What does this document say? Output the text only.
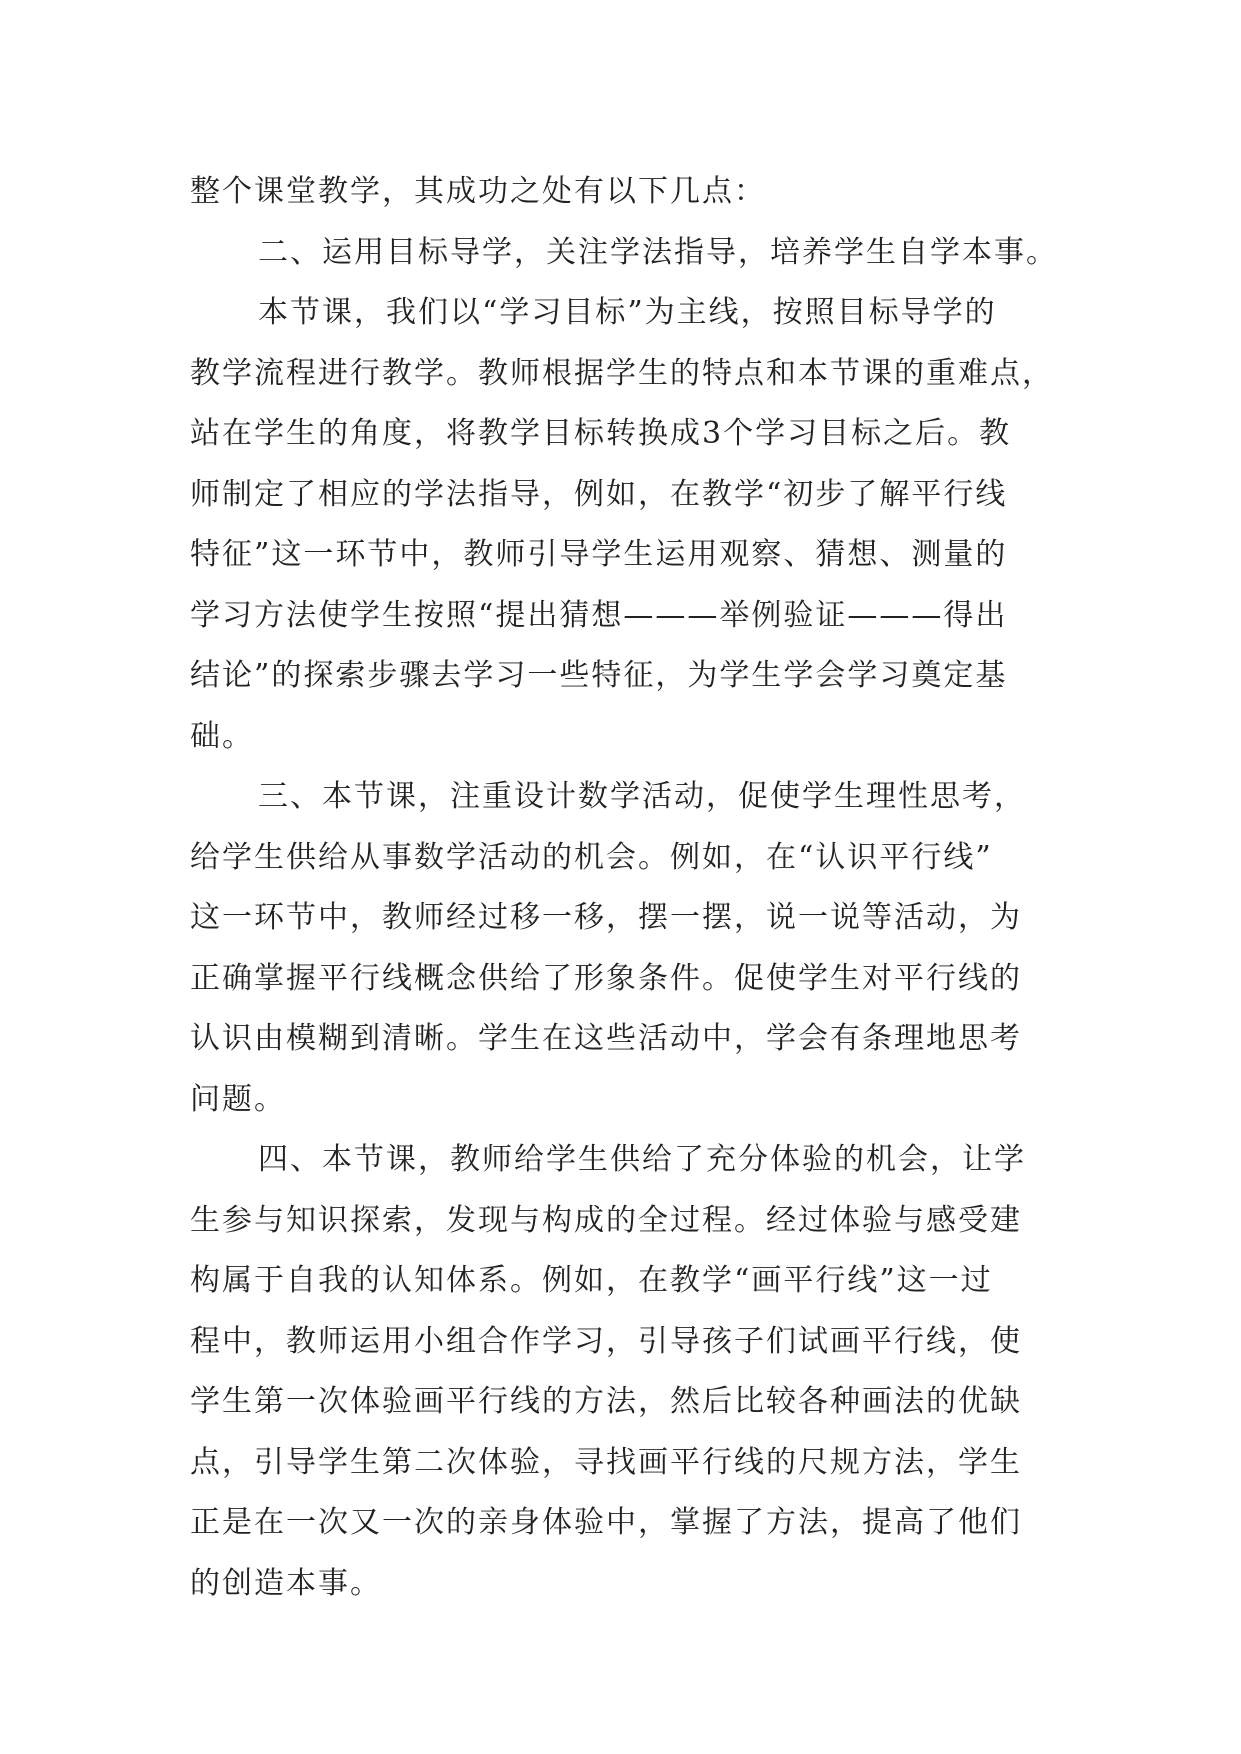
整个课堂教学，其成功之处有以下几点：
二、运用目标导学，关注学法指导，培养学生自学本事。
本节课，我们以“学习目标”为主线，按照目标导学的
教学流程进行教学。教师根据学生的特点和本节课的重难点，
站在学生的角度，将教学目标转换成3个学习目标之后。教
师制定了相应的学法指导，例如，在教学“初步了解平行线
特征”这一环节中，教师引导学生运用观察、猜想、测量的
学习方法使学生按照“提出猜想———举例验证———得出
结论”的探索步骤去学习一些特征，为学生学会学习奠定基
础。
三、本节课，注重设计数学活动，促使学生理性思考，
给学生供给从事数学活动的机会。例如，在“认识平行线”
这一环节中，教师经过移一移，摆一摆，说一说等活动，为
正确掌握平行线概念供给了形象条件。促使学生对平行线的
认识由模糊到清晰。学生在这些活动中，学会有条理地思考
问题。
四、本节课，教师给学生供给了充分体验的机会，让学
生参与知识探索，发现与构成的全过程。经过体验与感受建
构属于自我的认知体系。例如，在教学“画平行线”这一过
程中，教师运用小组合作学习，引导孩子们试画平行线，使
学生第一次体验画平行线的方法，然后比较各种画法的优缺
点，引导学生第二次体验，寻找画平行线的尺规方法，学生
正是在一次又一次的亲身体验中，掌握了方法，提高了他们
的创造本事。
